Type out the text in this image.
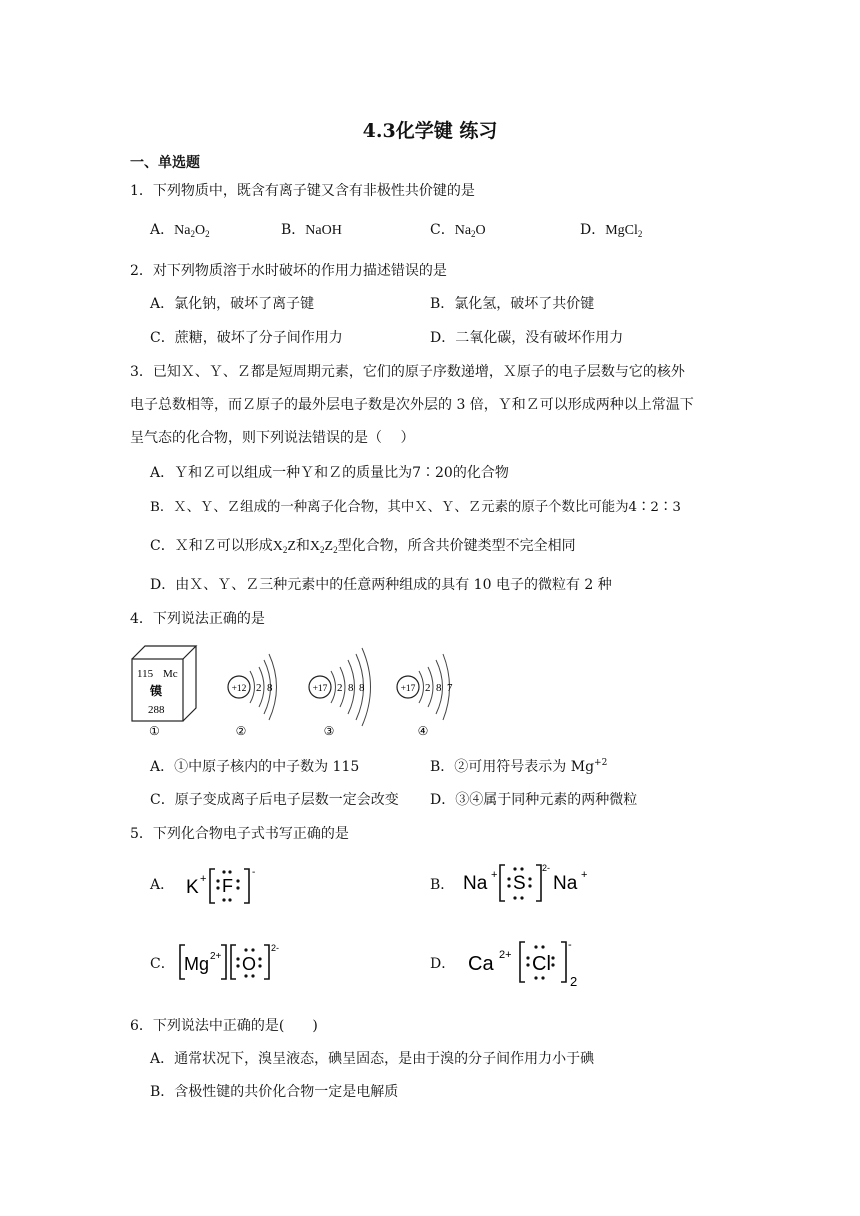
4.3化学键 练习
一、单选题
1．下列物质中，既含有离子键又含有非极性共价键的是
A．$Na_2O_2$	B．NaOH	C．$Na_2O$	D．MgCl$_2$
2．对下列物质溶于水时破坏的作用力描述错误的是
A．氯化钠，破坏了离子键	B．氯化氢，破坏了共价键
C．蔗糖，破坏了分子间作用力	D．二氧化碳，没有破坏作用力
3．已知Ｘ、Ｙ、Ｚ都是短周期元素，它们的原子序数递增，Ｘ原子的电子层数与它的核外
电子总数相等，而Ｚ原子的最外层电子数是次外层的 3 倍，Ｙ和Ｚ可以形成两种以上常温下
呈气态的化合物，则下列说法错误的是（　 ）
A．Ｙ和Ｚ可以组成一种Ｙ和Ｚ的质量比为7∶20的化合物
B．Ｘ、Ｙ、Ｚ组成的一种离子化合物，其中Ｘ、Ｙ、Ｚ元素的原子个数比可能为4∶2∶3
C．Ｘ和Ｚ可以形成$X_2Z$和$X_2Z_2$型化合物，所含共价键类型不完全相同
D．由Ｘ、Ｙ、Ｚ三种元素中的任意两种组成的具有 10 电子的微粒有 2 种
4．下列说法正确的是
115 Mc
镆
288
①
+12 2  8
②
+17 2  8  8
③
+17 2  8  7
④
A．①中原子核内的中子数为 115	B．②可用符号表示为 $Mg^{+2}$
C．原子变成离子后电子层数一定会改变 D．③④属于同种元素的两种微粒
5．下列化合物电子式书写正确的是
A． K + F
-
B． Na + S
2-
Na +
C． Mg 2+ O
2-
D． Ca 2+ Cl
-
2
6．下列说法中正确的是(　　)
A．通常状况下，溴呈液态，碘呈固态，是由于溴的分子间作用力小于碘
B．含极性键的共价化合物一定是电解质
